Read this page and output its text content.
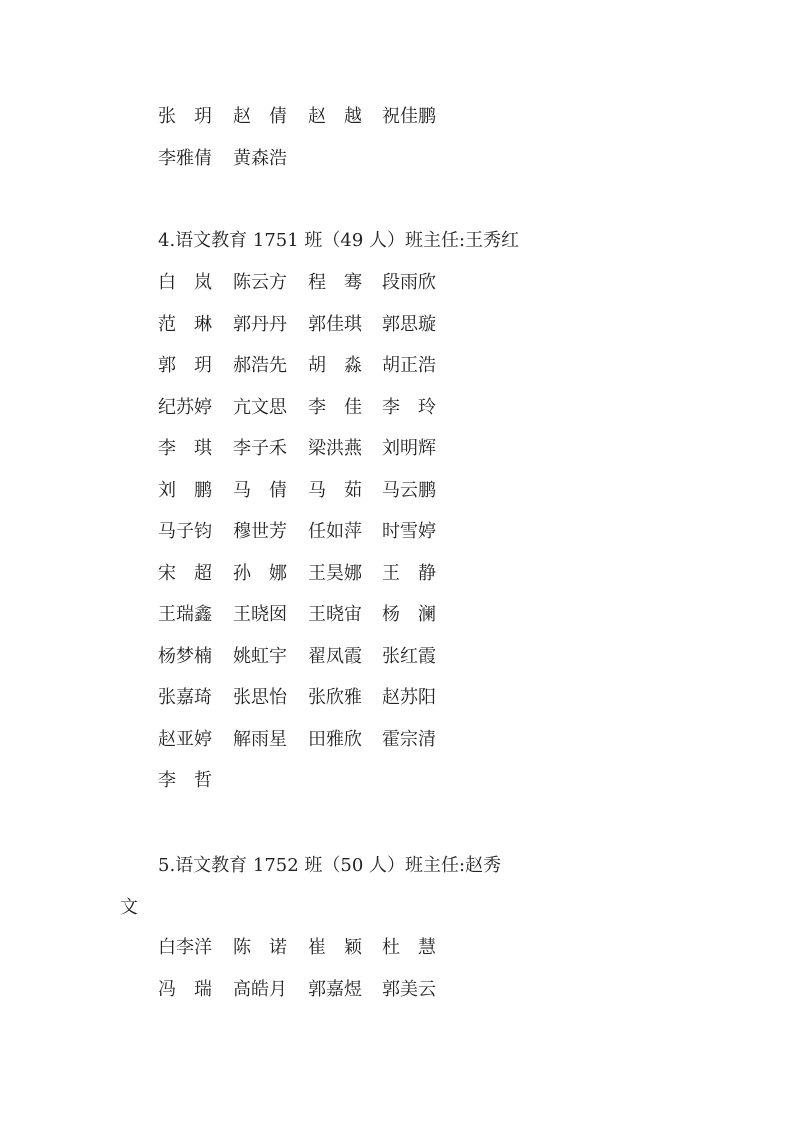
张　玥 赵　倩 赵　越 祝佳鹏
李雅倩 黄森浩
4.语文教育 1751 班（49 人）班主任:王秀红
白　岚 陈云方 程　骞 段雨欣
范　琳 郭丹丹 郭佳琪 郭思璇
郭　玥 郝浩先 胡　淼 胡正浩
纪苏婷 亢文思 李　佳 李　玲
李　琪 李子禾 梁洪燕 刘明辉
刘　鹏 马　倩 马　茹 马云鹏
马子钧 穆世芳 任如萍 时雪婷
宋　超 孙　娜 王昊娜 王　静
王瑞鑫 王晓囡 王晓宙 杨　澜
杨梦楠 姚虹宇 翟凤霞 张红霞
张嘉琦 张思怡 张欣雅 赵苏阳
赵亚婷 解雨星 田雅欣 霍宗清
李　哲
5.语文教育 1752 班（50 人）班主任:赵秀
文
白李洋 陈　诺 崔　颖 杜　慧
冯　瑞 高皓月 郭嘉煜 郭美云
